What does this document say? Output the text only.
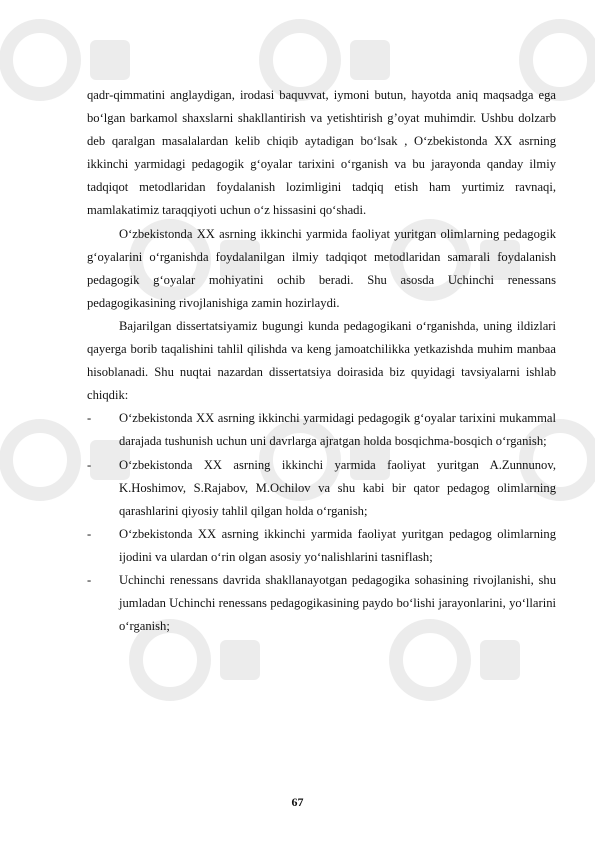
qadr-qimmatini anglaydigan, irodasi baquvvat, iymoni butun, hayotda aniq maqsadga ega bo‘lgan barkamol shaxslarni shakllantirish va yetishtirish g’oyat muhimdir. Ushbu dolzarb deb qaralgan masalalardan kelib chiqib aytadigan bo‘lsak , O‘zbekistonda XX asrning ikkinchi yarmidagi pedagogik g‘oyalar tarixini o‘rganish va bu jarayonda qanday ilmiy tadqiqot metodlaridan foydalanish lozimligini tadqiq etish ham yurtimiz ravnaqi, mamlakatimiz taraqqiyoti uchun o‘z hissasini qo‘shadi.

O‘zbekistonda XX asrning ikkinchi yarmida faoliyat yuritgan olimlarning pedagogik g‘oyalarini o‘rganishda foydalanilgan ilmiy tadqiqot metodlaridan samarali foydalanish pedagogik g‘oyalar mohiyatini ochib beradi. Shu asosda Uchinchi renessans pedagogikasining rivojlanishiga zamin hozirlaydi.

Bajarilgan dissertatsiyamiz bugungi kunda pedagogikani o‘rganishda, uning ildizlari qayerga borib taqalishini tahlil qilishda va keng jamoatchilikka yetkazishda muhim manbaa hisoblanadi. Shu nuqtai nazardan dissertatsiya doirasida biz quyidagi tavsiyalarni ishlab chiqdik:

- O‘zbekistonda XX asrning ikkinchi yarmidagi pedagogik g‘oyalar tarixini mukammal darajada tushunish uchun uni davrlarga ajratgan holda bosqichma-bosqich o‘rganish;
- O‘zbekistonda XX asrning ikkinchi yarmida faoliyat yuritgan A.Zunnunov, K.Hoshimov, S.Rajabov, M.Ochilov va shu kabi bir qator pedagog olimlarning qarashlarini qiyosiy tahlil qilgan holda o‘rganish;
- O‘zbekistonda XX asrning ikkinchi yarmida faoliyat yuritgan pedagog olimlarning ijodini va ulardan o‘rin olgan asosiy yo‘nalishlarini tasniflash;
- Uchinchi renessans davrida shakllanayotgan pedagogika sohasining rivojlanishi, shu jumladan Uchinchi renessans pedagogikasining paydo bo‘lishi jarayonlarini, yo‘llarini o‘rganish;
67
